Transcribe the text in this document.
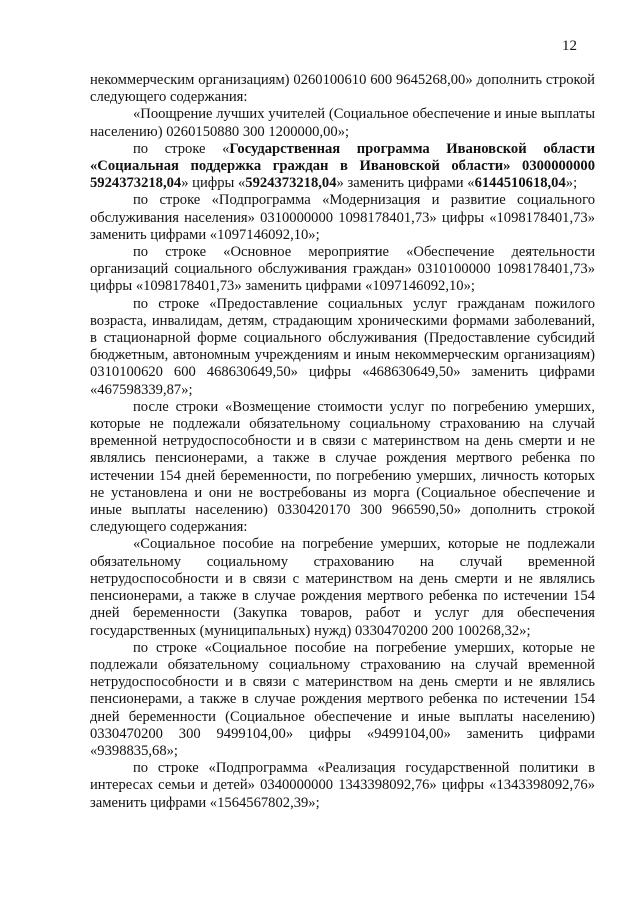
12

некоммерческим организациям) 0260100610 600 9645268,00» дополнить строкой следующего содержания:

«Поощрение лучших учителей (Социальное обеспечение и иные выплаты населению) 0260150880 300 1200000,00»;

по строке «Государственная программа Ивановской области «Социальная поддержка граждан в Ивановской области» 0300000000 5924373218,04» цифры «5924373218,04» заменить цифрами «6144510618,04»;

по строке «Подпрограмма «Модернизация и развитие социального обслуживания населения» 0310000000 1098178401,73» цифры «1098178401,73» заменить цифрами «1097146092,10»;

по строке «Основное мероприятие «Обеспечение деятельности организаций социального обслуживания граждан» 0310100000 1098178401,73» цифры «1098178401,73» заменить цифрами «1097146092,10»;

по строке «Предоставление социальных услуг гражданам пожилого возраста, инвалидам, детям, страдающим хроническими формами заболеваний, в стационарной форме социального обслуживания (Предоставление субсидий бюджетным, автономным учреждениям и иным некоммерческим организациям) 0310100620 600 468630649,50» цифры «468630649,50» заменить цифрами «467598339,87»;

после строки «Возмещение стоимости услуг по погребению умерших, которые не подлежали обязательному социальному страхованию на случай временной нетрудоспособности и в связи с материнством на день смерти и не являлись пенсионерами, а также в случае рождения мертвого ребенка по истечении 154 дней беременности, по погребению умерших, личность которых не установлена и они не востребованы из морга (Социальное обеспечение и иные выплаты населению) 0330420170 300 966590,50» дополнить строкой следующего содержания:

«Социальное пособие на погребение умерших, которые не подлежали обязательному социальному страхованию на случай временной нетрудоспособности и в связи с материнством на день смерти и не являлись пенсионерами, а также в случае рождения мертвого ребенка по истечении 154 дней беременности (Закупка товаров, работ и услуг для обеспечения государственных (муниципальных) нужд) 0330470200 200 100268,32»;

по строке «Социальное пособие на погребение умерших, которые не подлежали обязательному социальному страхованию на случай временной нетрудоспособности и в связи с материнством на день смерти и не являлись пенсионерами, а также в случае рождения мертвого ребенка по истечении 154 дней беременности (Социальное обеспечение и иные выплаты населению) 0330470200 300 9499104,00» цифры «9499104,00» заменить цифрами «9398835,68»;

по строке «Подпрограмма «Реализация государственной политики в интересах семьи и детей» 0340000000 1343398092,76» цифры «1343398092,76» заменить цифрами «1564567802,39»;
